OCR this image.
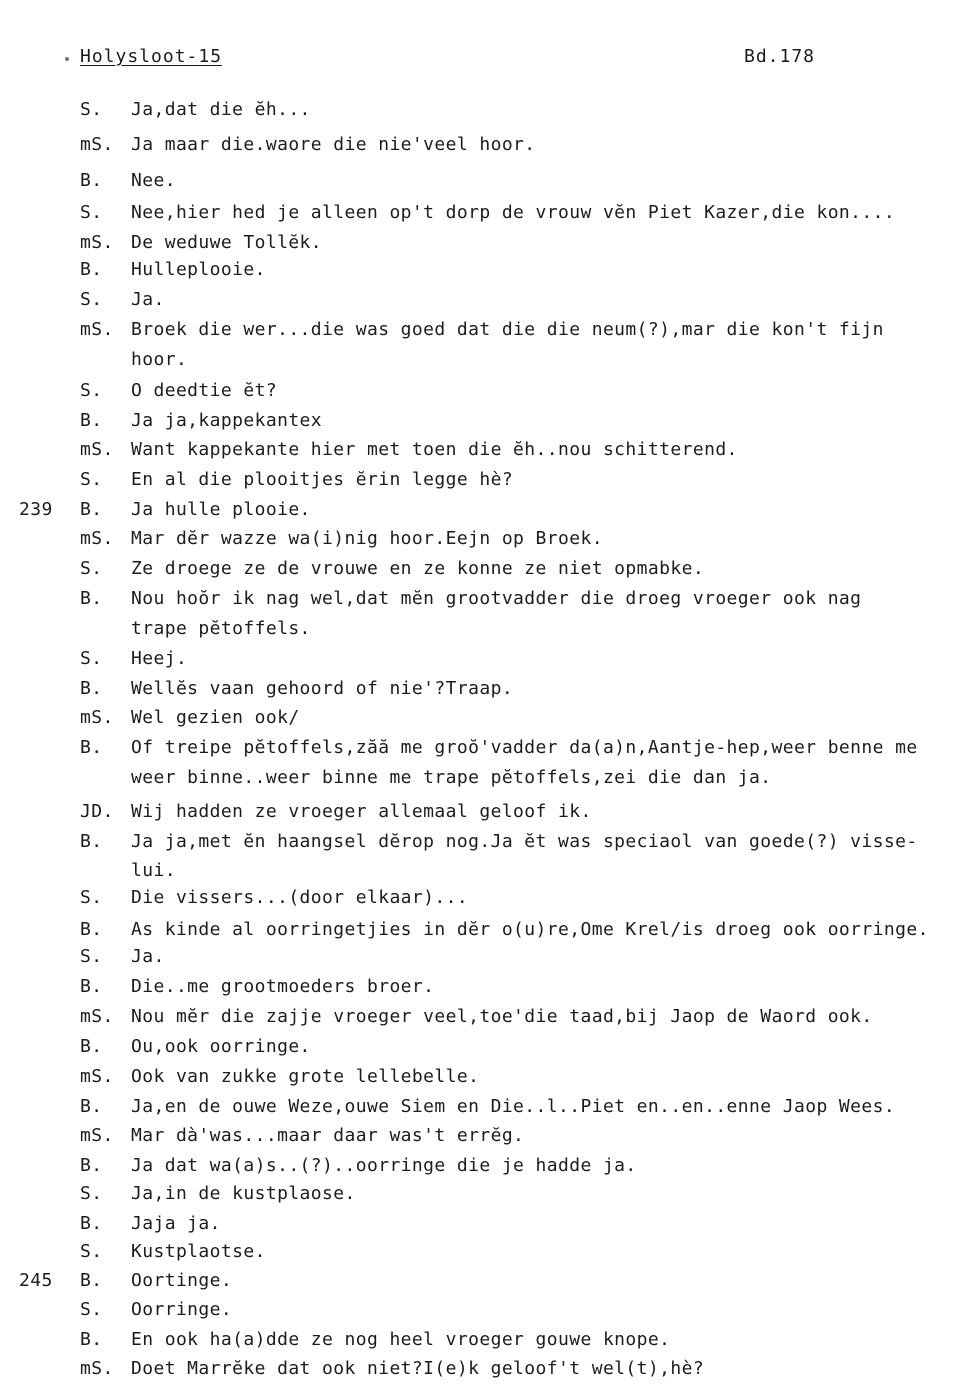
Holysloot-15	Bd.178
S.	Ja,dat die ĕh...
mS. Ja maar die.waore die nie'veel hoor.
B.	Nee.
S.	Nee,hier hed je alleen op't dorp de vrouw vĕn Piet Kazer,die kon....
mS. De weduwe Tollĕk.
B.	Hulleplooie.
S.	Ja.
mS. Broek die wer...die was goed dat die die neum(?),mar die kon't fijn
hoor.
S.	O deedtie ĕt?
B.	Ja ja,kappekantex
mS. Want kappekante hier met toen die ĕh..nou schitterend.
S.	En al die plooitjes ĕrin legge hè?
239	B.	Ja hulle plooie.
mS. Mar dĕr wazze wa(i)nig hoor.Eejn op Broek.
S.	Ze droege ze de vrouwe en ze konne ze niet opmabke.
B.	Nou hoŏr ik nag wel,dat mĕn grootvadder die droeg vroeger ook nag
trape pĕtoffels.
S.	Heej.
B.	Wellĕs vaan gehoord of nie'?Traap.
mS. Wel gezien ook/
B.	Of treipe pĕtoffels,zăă me groŏ'vadder da(a)n,Aantje-hep,weer benne me
weer binne..weer binne me trape pĕtoffels,zei die dan ja.
JD. Wij hadden ze vroeger allemaal geloof ik.
B.	Ja ja,met ĕn haangsel dĕrop nog.Ja ĕt was speciaol van goede(?) visse-
lui.
S.	Die vissers...(door elkaar)...
B.	As kinde al oorringetjies in dĕr o(u)re,Ome Krel/is droeg ook oorringe.
S.	Ja.
B.	Die..me grootmoeders broer.
mS. Nou mĕr die zajje vroeger veel,toe'die taad,bij Jaop de Waord ook.
B.	Ou,ook oorringe.
mS. Ook van zukke grote lellebelle.
B.	Ja,en de ouwe Weze,ouwe Siem en Die..l..Piet en..en..enne Jaop Wees.
mS. Mar dà'was...maar daar was't errĕg.
B.	Ja dat wa(a)s..(?)..oorringe die je hadde ja.
S.	Ja,in de kustplaose.
B.	Jaja ja.
S.	Kustplaotse.
245	B.	Oortinge.
S.	Oorringe.
B.	En ook ha(a)dde ze nog heel vroeger gouwe knope.
mS. Doet Marrĕke dat ook niet?I(e)k geloof't wel(t),hè?
